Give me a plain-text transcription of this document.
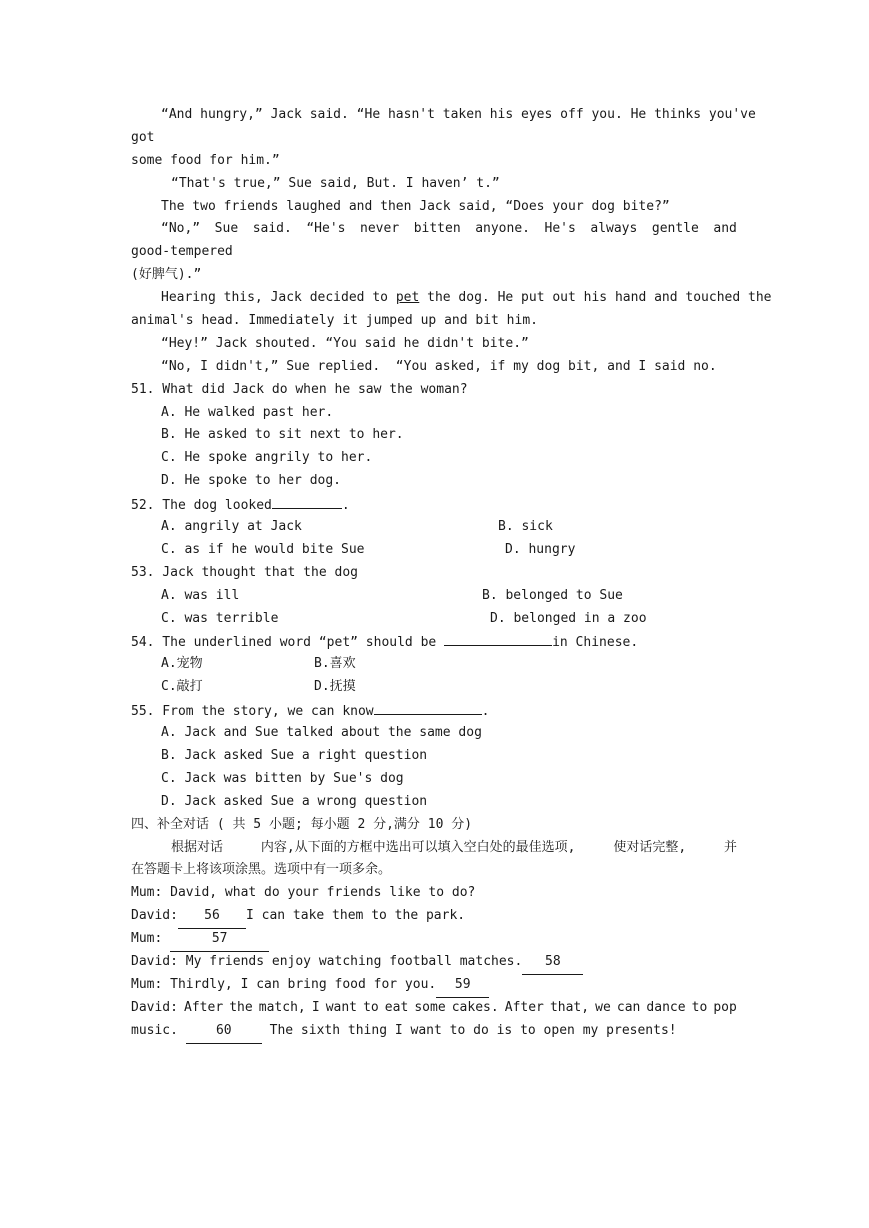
“And hungry,” Jack said. “He hasn't taken his eyes off you. He thinks you've
got
some food for him.”
“That's true,” Sue said, But. I haven’ t.”
The two friends laughed and then Jack said, “Does your dog bite?”
“No,” Sue said. “He's never bitten anyone. He's always gentle and
good-tempered
(好脾气).”
Hearing this, Jack decided to pet the dog. He put out his hand and touched the
animal's head. Immediately it jumped up and bit him.
“Hey!” Jack shouted. “You said he didn't bite.”
“No, I didn't,” Sue replied.  “You asked, if my dog bit, and I said no.
51. What did Jack do when he saw the woman?
A. He walked past her.
B. He asked to sit next to her.
C. He spoke angrily to her.
D. He spoke to her dog.
52. The dog looked	.
A. angrily at Jack	B. sick
C. as if he would bite Sue	D. hungry
53. Jack thought that the dog
A. was ill	B. belonged to Sue
C. was terrible	D. belonged in a zoo
54. The underlined word “pet” should be	in Chinese.
A.宠物	B.喜欢
C.敲打	D.抚摸
55. From the story, we can know	.
A. Jack and Sue talked about the same dog
B. Jack asked Sue a right question
C. Jack was bitten by Sue's dog
D. Jack asked Sue a wrong question
四、补全对话 ( 共 5 小题; 每小题 2 分,满分 10 分)
根据对话	内容,从下面的方框中选出可以填入空白处的最佳选项,	使对话完整,	并
在答题卡上将该项涂黑。选项中有一项多余。
Mum: David, what do your friends like to do?
David: 56 I can take them to the park.
Mum:	57
David: My friends enjoy watching football matches. 58
Mum: Thirdly, I can bring food for you. 59
David: After the match, I want to eat some cakes. After that, we can dance to pop
music. 60 The sixth thing I want to do is to open my presents!
